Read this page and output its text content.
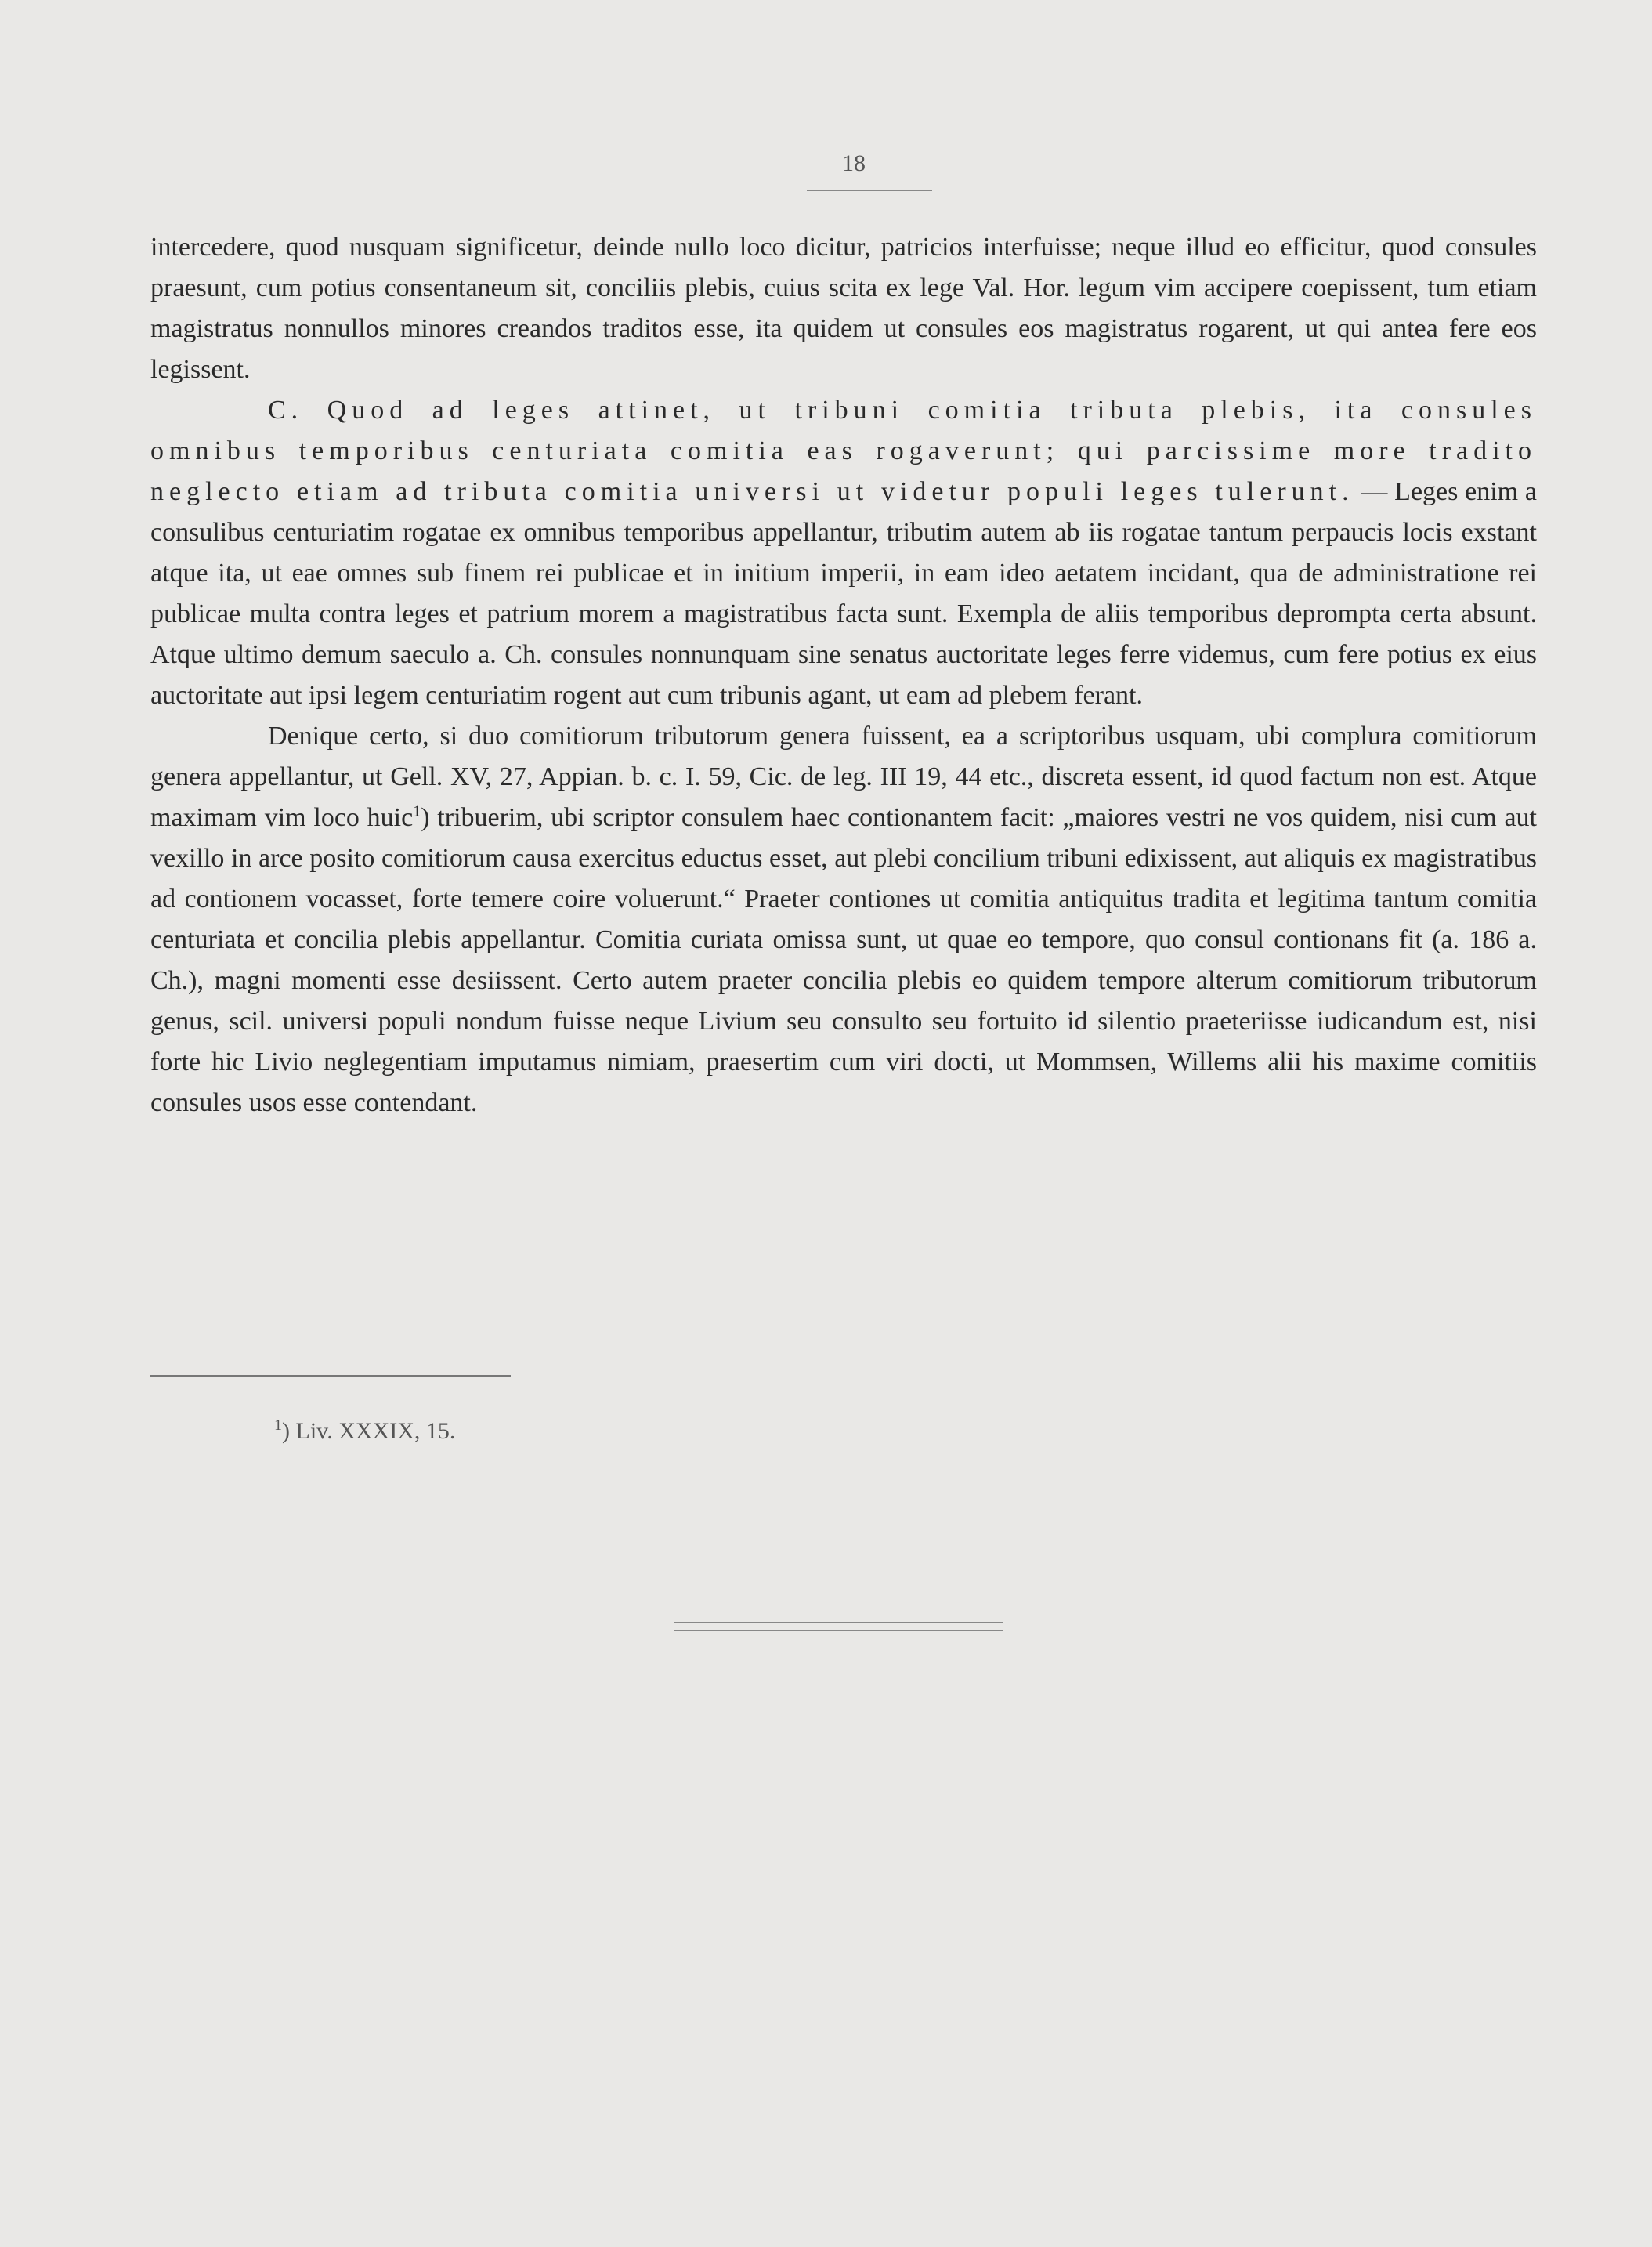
18

intercedere, quod nusquam significetur, deinde nullo loco dicitur, patricios interfuisse; neque illud eo efficitur, quod consules praesunt, cum potius consentaneum sit, conciliis plebis, cuius scita ex lege Val. Hor. legum vim accipere coepissent, tum etiam magistratus nonnullos minores creandos traditos esse, ita quidem ut consules eos magistratus rogarent, ut qui antea fere eos legissent.

C. Quod ad leges attinet, ut tribuni comitia tributa plebis, ita consules omnibus temporibus centuriata comitia eas rogaverunt; qui parcissime more tradito neglecto etiam ad tributa comitia universi ut videtur populi leges tulerunt. — Leges enim a consulibus centuriatim rogatae ex omnibus temporibus appellantur, tributim autem ab iis rogatae tantum perpaucis locis exstant atque ita, ut eae omnes sub finem rei publicae et in initium imperii, in eam ideo aetatem incidant, qua de administratione rei publicae multa contra leges et patrium morem a magistratibus facta sunt. Exempla de aliis temporibus deprompta certa absunt. Atque ultimo demum saeculo a. Ch. consules nonnunquam sine senatus auctoritate leges ferre videmus, cum fere potius ex eius auctoritate aut ipsi legem centuriatim rogent aut cum tribunis agant, ut eam ad plebem ferant.

Denique certo, si duo comitiorum tributorum genera fuissent, ea a scriptoribus usquam, ubi complura comitiorum genera appellantur, ut Gell. XV, 27, Appian. b. c. I. 59, Cic. de leg. III 19, 44 etc., discreta essent, id quod factum non est. Atque maximam vim loco huic$^1$) tribuerim, ubi scriptor consulem haec contionantem facit: „maiores vestri ne vos quidem, nisi cum aut vexillo in arce posito comitiorum causa exercitus eductus esset, aut plebi concilium tribuni edixissent, aut aliquis ex magistratibus ad contionem vocasset, forte temere coire voluerunt.“ Praeter contiones ut comitia antiquitus tradita et legitima tantum comitia centuriata et concilia plebis appellantur. Comitia curiata omissa sunt, ut quae eo tempore, quo consul contionans fit (a. 186 a. Ch.), magni momenti esse desiissent. Certo autem praeter concilia plebis eo quidem tempore alterum comitiorum tributorum genus, scil. universi populi nondum fuisse neque Livium seu consulto seu fortuito id silentio praeteriisse iudicandum est, nisi forte hic Livio neglegentiam imputamus nimiam, praesertim cum viri docti, ut Mommsen, Willems alii his maxime comitiis consules usos esse contendant.

$^1$) Liv. XXXIX, 15.
